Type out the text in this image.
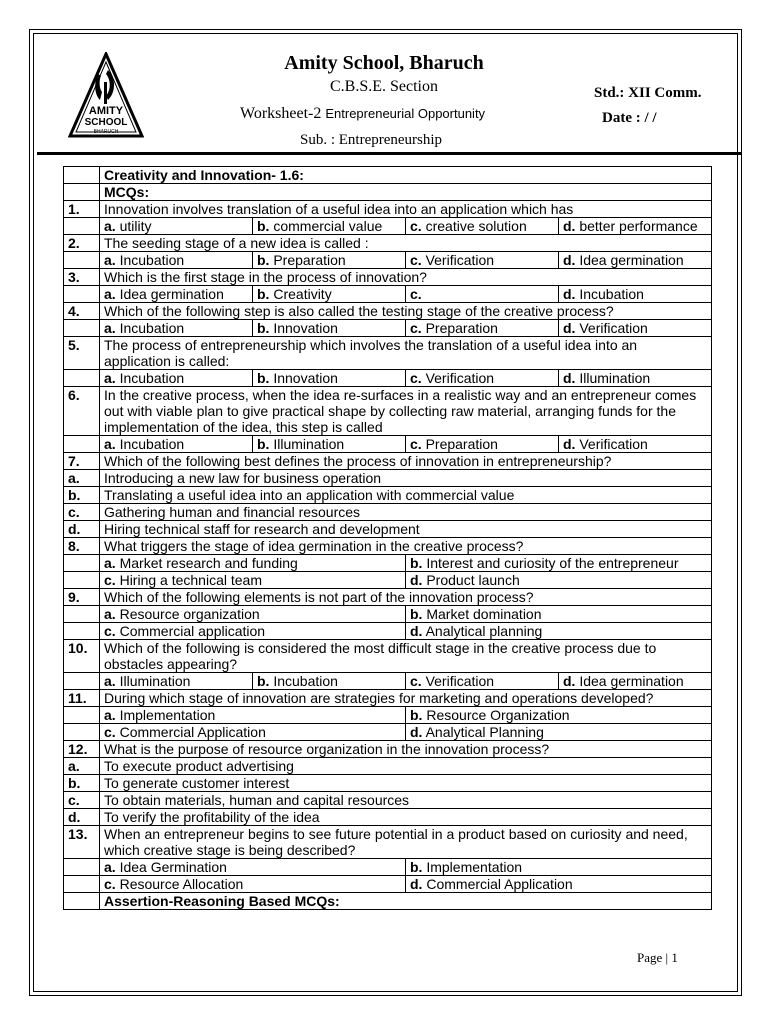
AMITY
SCHOOL
BHARUCH
Amity School, Bharuch
C.B.S.E. Section
Worksheet-2 Entrepreneurial Opportunity
Sub. : Entrepreneurship
Std.: XII Comm.
Date : / /
	Creativity and Innovation- 1.6:			
	MCQs:			
1.	Innovation involves translation of a useful idea into an application which has			
	a. utility	b. commercial value	c. creative solution	d. better performance
2.	The seeding stage of a new idea is called :			
	a. Incubation	b. Preparation	c. Verification	d. Idea germination
3.	Which is the first stage in the process of innovation?			
	a. Idea germination	b. Creativity	c.	d. Incubation
4.	Which of the following step is also called the testing stage of the creative process?			
	a. Incubation	b. Innovation	c. Preparation	d. Verification
5.	The process of entrepreneurship which involves the translation of a useful idea into an application is called:			
	a. Incubation	b. Innovation	c. Verification	d. Illumination
6.	In the creative process, when the idea re-surfaces in a realistic way and an entrepreneur comes out with viable plan to give practical shape by collecting raw material, arranging funds for the implementation of the idea, this step is called			
	a. Incubation	b. Illumination	c. Preparation	d. Verification
7.	Which of the following best defines the process of innovation in entrepreneurship?			
a.	Introducing a new law for business operation			
b.	Translating a useful idea into an application with commercial value			
c.	Gathering human and financial resources			
d.	Hiring technical staff for research and development			
8.	What triggers the stage of idea germination in the creative process?			
	a. Market research and funding		b. Interest and curiosity of the entrepreneur	
	c. Hiring a technical team		d. Product launch	
9.	Which of the following elements is not part of the innovation process?			
	a. Resource organization		b. Market domination	
	c. Commercial application		d. Analytical planning	
10.	Which of the following is considered the most difficult stage in the creative process due to obstacles appearing?			
	a. Illumination	b. Incubation	c. Verification	d. Idea germination
11.	During which stage of innovation are strategies for marketing and operations developed?			
	a. Implementation		b. Resource Organization	
	c. Commercial Application		d. Analytical Planning	
12.	What is the purpose of resource organization in the innovation process?			
a.	To execute product advertising			
b.	To generate customer interest			
c.	To obtain materials, human and capital resources			
d.	To verify the profitability of the idea			
13.	When an entrepreneur begins to see future potential in a product based on curiosity and need, which creative stage is being described?			
	a. Idea Germination		b. Implementation	
	c. Resource Allocation		d. Commercial Application	
	Assertion-Reasoning Based MCQs:			
Page | 1
